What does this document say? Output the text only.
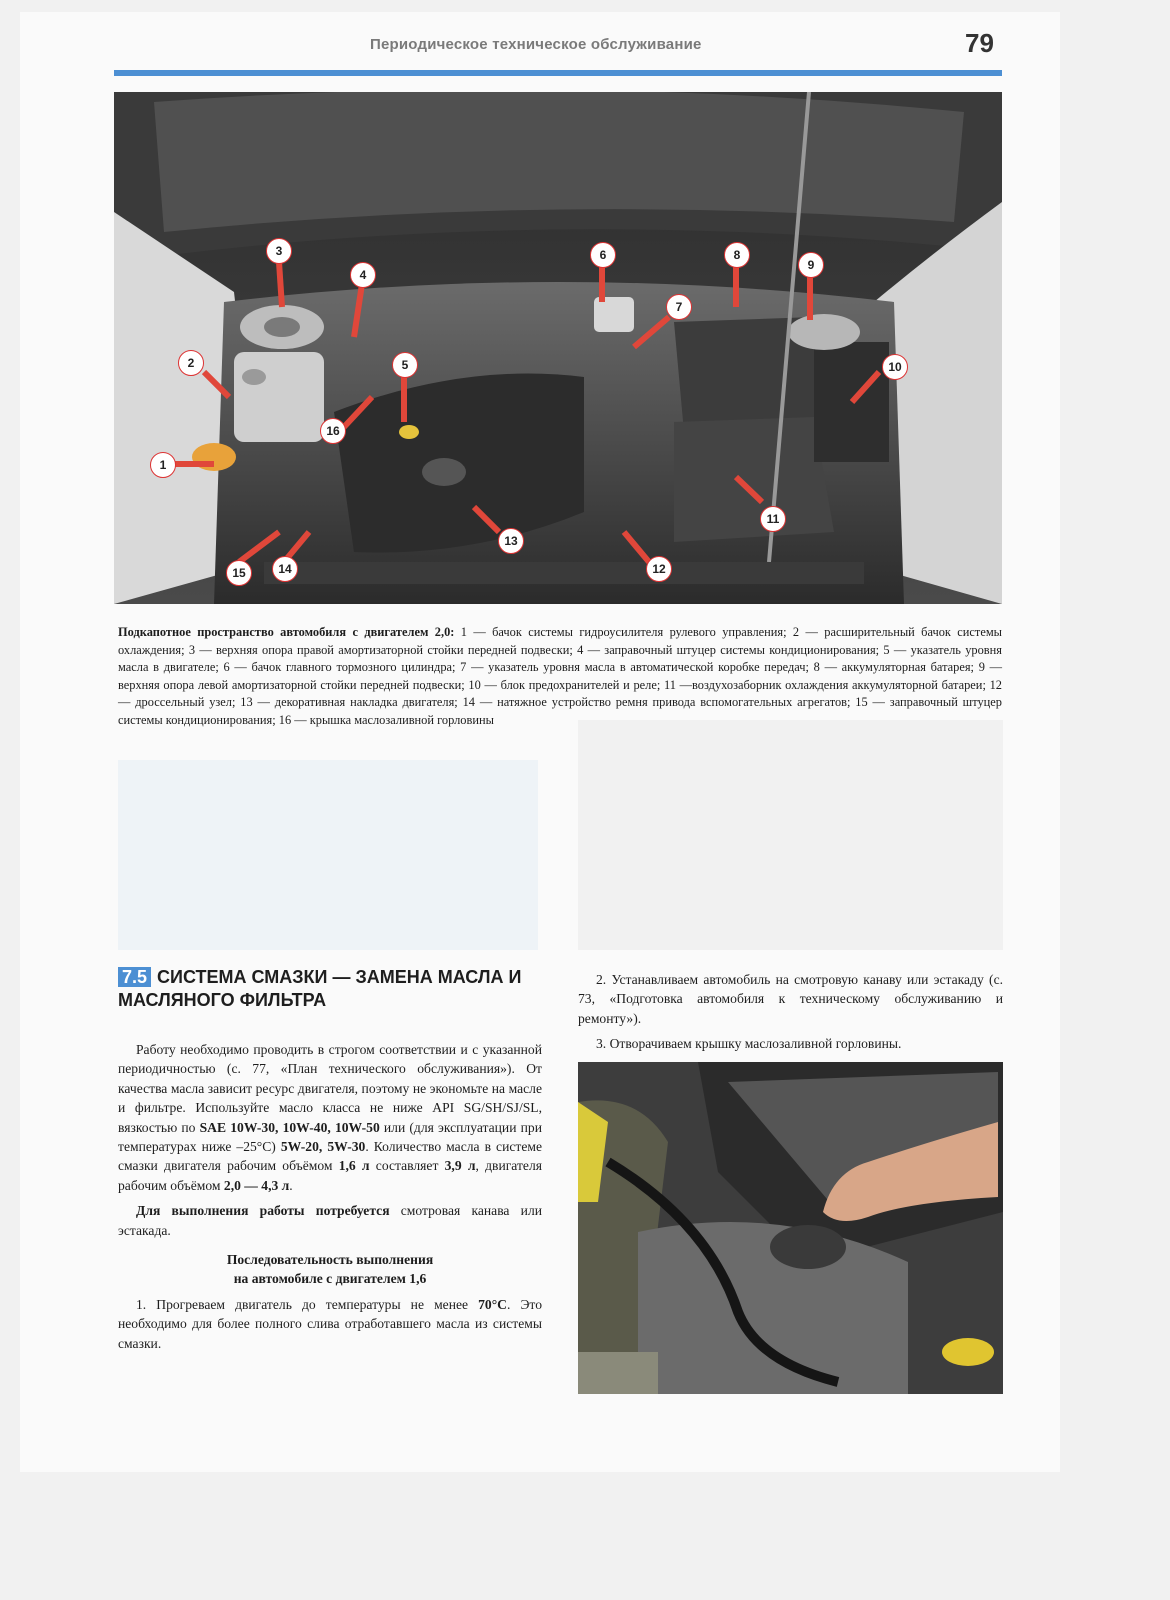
Периодическое техническое обслуживание	79
1
2
3
4
5
6
7
8
9
10
11
12
13
14
15
16
Подкапотное пространство автомобиля с двигателем 2,0: 1 — бачок системы гидроусилителя рулевого управления; 2 — расширительный бачок системы охлаждения; 3 — верхняя опора правой амортизаторной стойки передней подвески; 4 — заправочный штуцер системы кондиционирования; 5 — указатель уровня масла в двигателе; 6 — бачок главного тормозного цилиндра; 7 — указатель уровня масла в автоматической коробке передач; 8 — аккумуляторная батарея; 9 — верхняя опора левой амортизаторной стойки передней подвески; 10 — блок предохранителей и реле; 11 —воздухозаборник охлаждения аккумуляторной батареи; 12 — дроссельный узел; 13 — декоративная накладка двигателя; 14 — натяжное устройство ремня привода вспомогательных агрегатов; 15 — заправочный штуцер системы кондиционирования; 16 — крышка маслозаливной горловины
7.5 СИСТЕМА СМАЗКИ — ЗАМЕНА МАСЛА И МАСЛЯНОГО ФИЛЬТРА

Работу необходимо проводить в строгом соответствии и с указанной периодичностью (с. 77, «План технического обслуживания»). От качества масла зависит ресурс двигателя, поэтому не экономьте на масле и фильтре. Используйте масло класса не ниже API SG/SH/SJ/SL, вязкостью по SAE 10W-30, 10W-40, 10W-50 или (для эксплуатации при температурах ниже –25°C) 5W-20, 5W-30. Количество масла в системе смазки двигателя рабочим объёмом 1,6 л составляет 3,9 л, двигателя рабочим объёмом 2,0 — 4,3 л.

Для выполнения работы потребуется смотровая канава или эстакада.

Последовательность выполнения
на автомобиле с двигателем 1,6

1. Прогреваем двигатель до температуры не менее 70°C. Это необходимо для более полного слива отработавшего масла из системы смазки.

2. Устанавливаем автомобиль на смотровую канаву или эстакаду (с. 73, «Подготовка автомобиля к техническому обслуживанию и ремонту»).

3. Отворачиваем крышку маслозаливной горловины.
